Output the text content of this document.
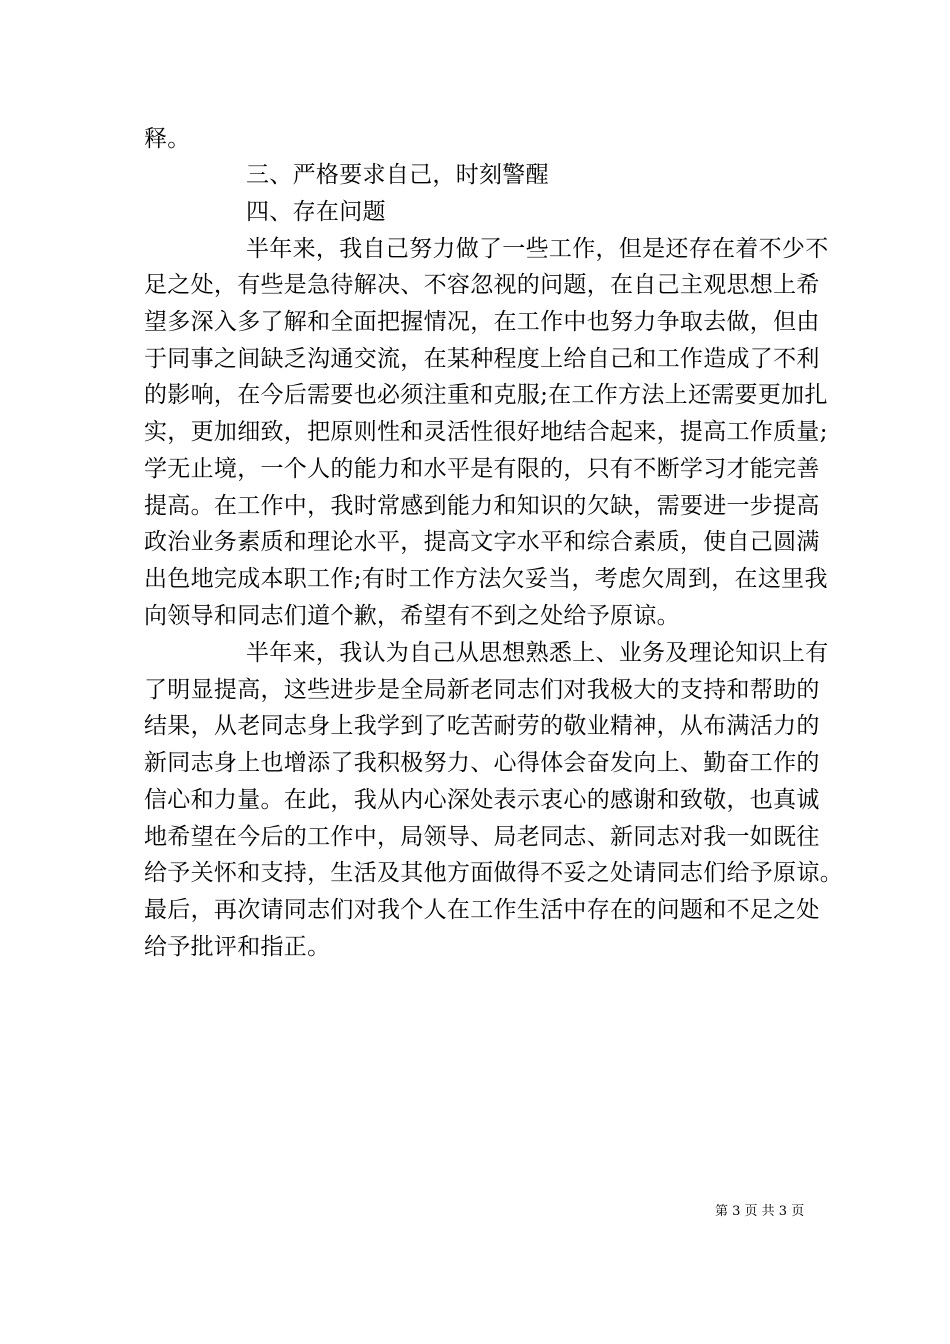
释。
三、严格要求自己，时刻警醒
四、存在问题
半年来，我自己努力做了一些工作，但是还存在着不少不
足之处，有些是急待解决、不容忽视的问题，在自己主观思想上希
望多深入多了解和全面把握情况，在工作中也努力争取去做，但由
于同事之间缺乏沟通交流，在某种程度上给自己和工作造成了不利
的影响，在今后需要也必须注重和克服;在工作方法上还需要更加扎
实，更加细致，把原则性和灵活性很好地结合起来，提高工作质量;
学无止境，一个人的能力和水平是有限的，只有不断学习才能完善
提高。在工作中，我时常感到能力和知识的欠缺，需要进一步提高
政治业务素质和理论水平，提高文字水平和综合素质，使自己圆满
出色地完成本职工作;有时工作方法欠妥当，考虑欠周到，在这里我
向领导和同志们道个歉，希望有不到之处给予原谅。
半年来，我认为自己从思想熟悉上、业务及理论知识上有
了明显提高，这些进步是全局新老同志们对我极大的支持和帮助的
结果，从老同志身上我学到了吃苦耐劳的敬业精神，从布满活力的
新同志身上也增添了我积极努力、心得体会奋发向上、勤奋工作的
信心和力量。在此，我从内心深处表示衷心的感谢和致敬，也真诚
地希望在今后的工作中，局领导、局老同志、新同志对我一如既往
给予关怀和支持，生活及其他方面做得不妥之处请同志们给予原谅。
最后，再次请同志们对我个人在工作生活中存在的问题和不足之处
给予批评和指正。
第 3 页 共 3 页
